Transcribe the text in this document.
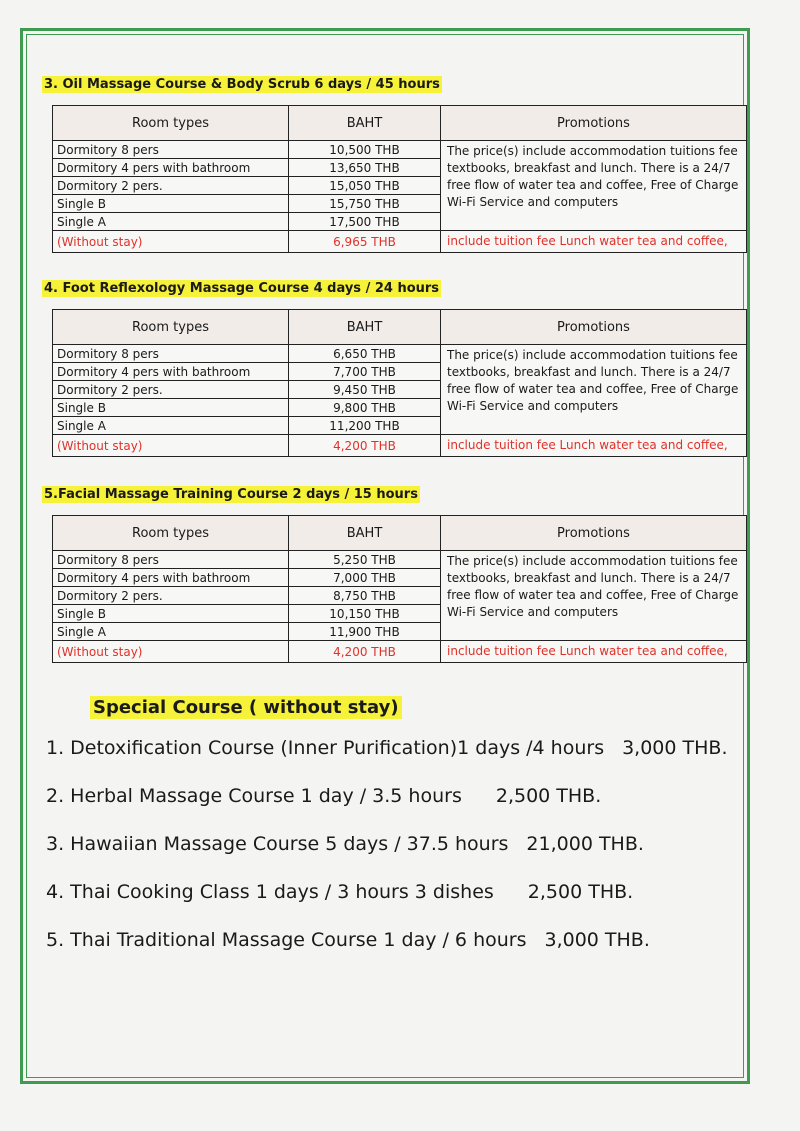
3. Oil Massage Course & Body Scrub 6 days / 45 hours
Room types	BAHT	Promotions
Dormitory 8 pers	10,500 THB	The price(s) include accommodation tuitions fee textbooks, breakfast and lunch. There is a 24/7 free flow of water tea and coffee, Free of Charge Wi-Fi Service and computers
Dormitory 4 pers with bathroom	13,650 THB	
Dormitory 2 pers.	15,050 THB	
Single B	15,750 THB	
Single A	17,500 THB	
(Without stay)	6,965 THB	include tuition fee Lunch water tea and coffee,
4. Foot Reflexology Massage Course 4 days / 24 hours
Room types	BAHT	Promotions
Dormitory 8 pers	6,650 THB	The price(s) include accommodation tuitions fee textbooks, breakfast and lunch. There is a 24/7 free flow of water tea and coffee, Free of Charge Wi-Fi Service and computers
Dormitory 4 pers with bathroom	7,700 THB	
Dormitory 2 pers.	9,450 THB	
Single B	9,800 THB	
Single A	11,200 THB	
(Without stay)	4,200 THB	include tuition fee Lunch water tea and coffee,
5.Facial Massage Training Course 2 days / 15 hours
Room types	BAHT	Promotions
Dormitory 8 pers	5,250 THB	The price(s) include accommodation tuitions fee textbooks, breakfast and lunch. There is a 24/7 free flow of water tea and coffee, Free of Charge Wi-Fi Service and computers
Dormitory 4 pers with bathroom	7,000 THB	
Dormitory 2 pers.	8,750 THB	
Single B	10,150 THB	
Single A	11,900 THB	
(Without stay)	4,200 THB	include tuition fee Lunch water tea and coffee,
Special Course ( without stay)
1. Detoxification Course (Inner Purification)1 days /4 hours 3,000 THB.
2. Herbal Massage Course 1 day / 3.5 hours 2,500 THB.
3. Hawaiian Massage Course 5 days / 37.5 hours 21,000 THB.
4. Thai Cooking Class 1 days / 3 hours 3 dishes 2,500 THB.
5. Thai Traditional Massage Course 1 day / 6 hours 3,000 THB.
